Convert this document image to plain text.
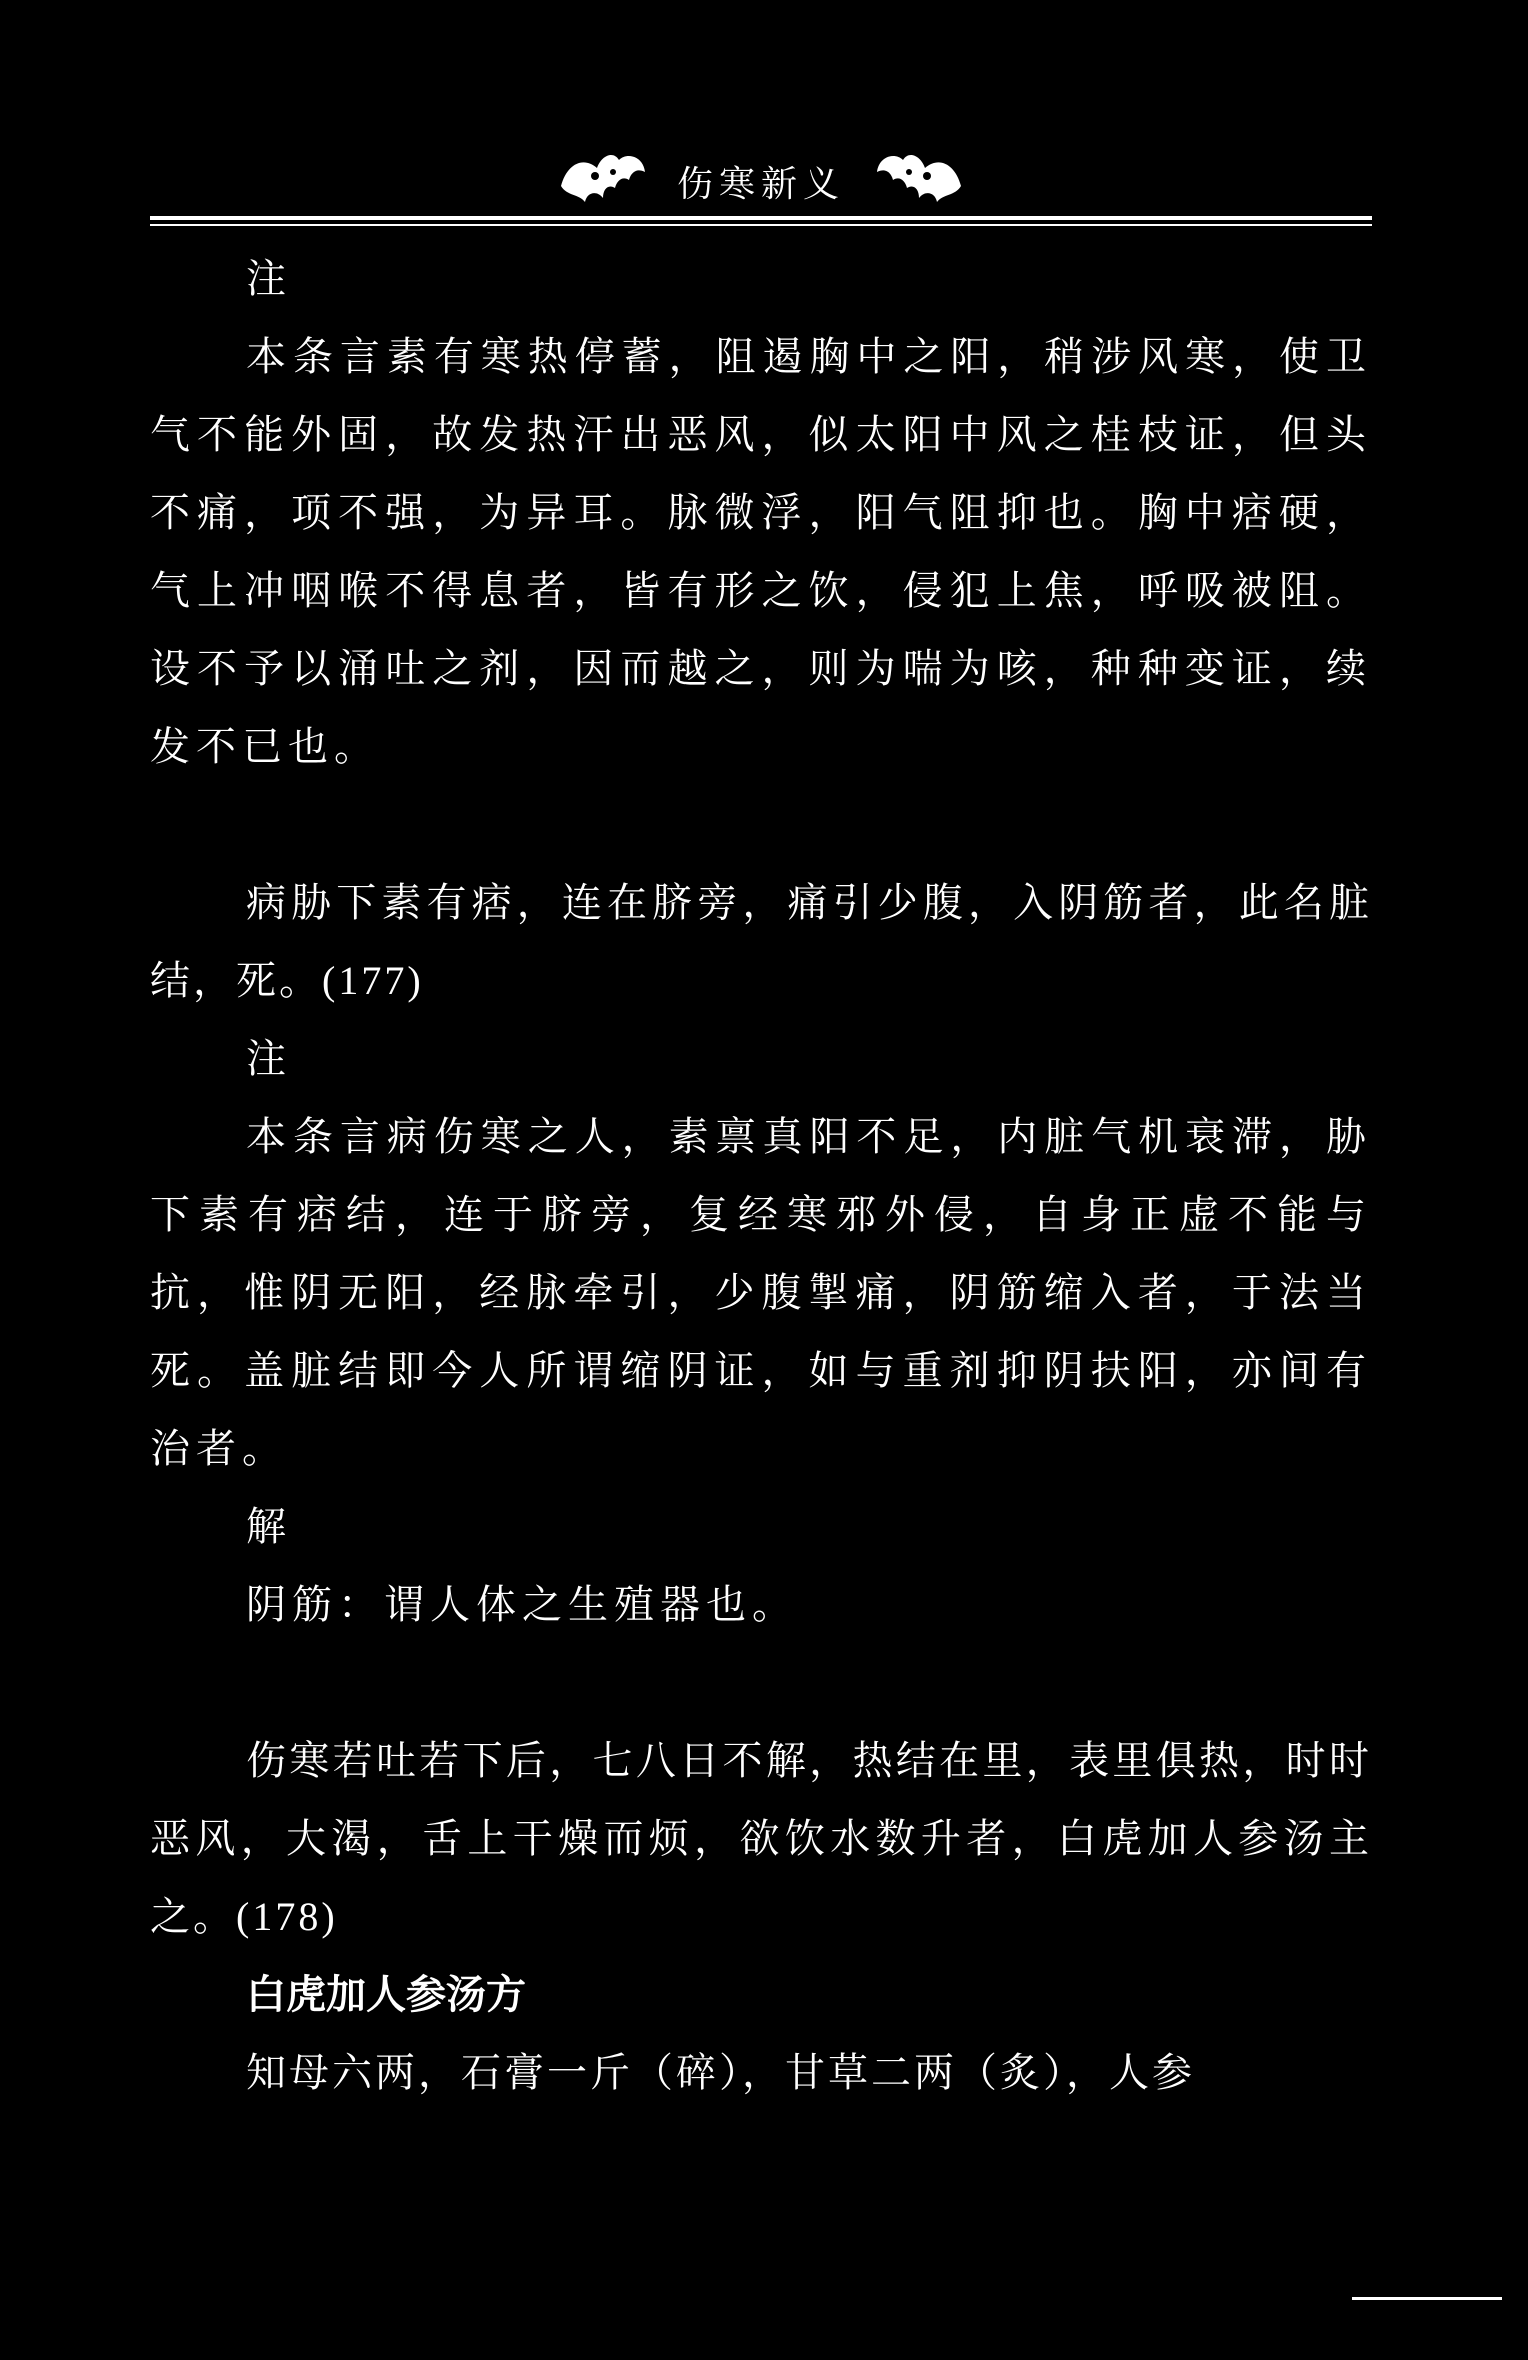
伤寒新义
注

本条言素有寒热停蓄，阻遏胸中之阳，稍涉风寒，使卫气不能外固，故发热汗出恶风，似太阳中风之桂枝证，但头不痛，项不强，为异耳。脉微浮，阳气阻抑也。胸中痞硬，气上冲咽喉不得息者，皆有形之饮，侵犯上焦，呼吸被阻。设不予以涌吐之剂，因而越之，则为喘为咳，种种变证，续发不已也。

病胁下素有痞，连在脐旁，痛引少腹，入阴筋者，此名脏结，死。(177)

注

本条言病伤寒之人，素禀真阳不足，内脏气机衰滞，胁下素有痞结，连于脐旁，复经寒邪外侵，自身正虚不能与抗，惟阴无阳，经脉牵引，少腹掣痛，阴筋缩入者，于法当死。盖脏结即今人所谓缩阴证，如与重剂抑阴扶阳，亦间有治者。

解

阴筋：谓人体之生殖器也。

伤寒若吐若下后，七八日不解，热结在里，表里俱热，时时恶风，大渴，舌上干燥而烦，欲饮水数升者，白虎加人参汤主之。(178)

白虎加人参汤方

知母六两，石膏一斤（碎），甘草二两（炙），人参
